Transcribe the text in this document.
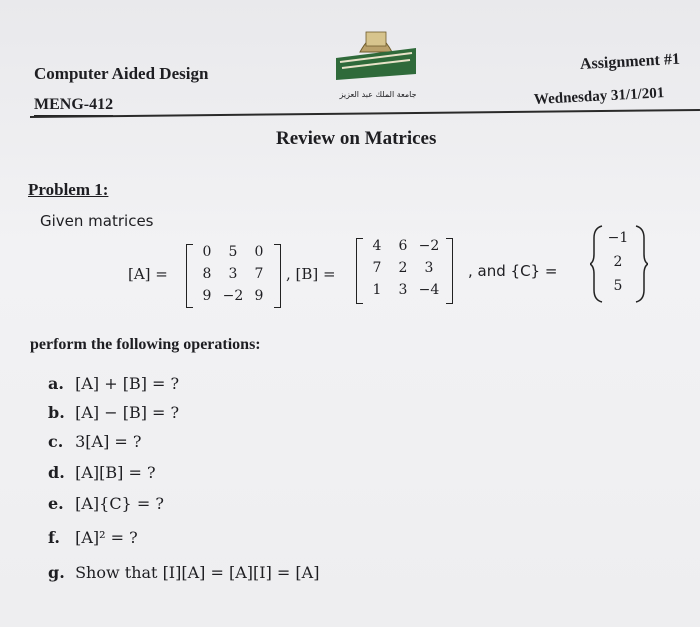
Computer Aided Design
MENG-412
جامعة الملك عبد العزيز
Assignment #1
Wednesday 31/1/201
Review on Matrices
Problem 1:
Given matrices
[A] =
0	5	0
8	3	7
9 −2 9
, [B] =
4	6 −2
7	2	3
1	3 −4
, and {C} =
−1
2
5
perform the following operations:
a. [A] + [B] = ?
b. [A] − [B] = ?
c. 3[A] = ?
d. [A][B] = ?
e. [A]{C} = ?
f. [A]² = ?
g. Show that [I][A] = [A][I] = [A]
